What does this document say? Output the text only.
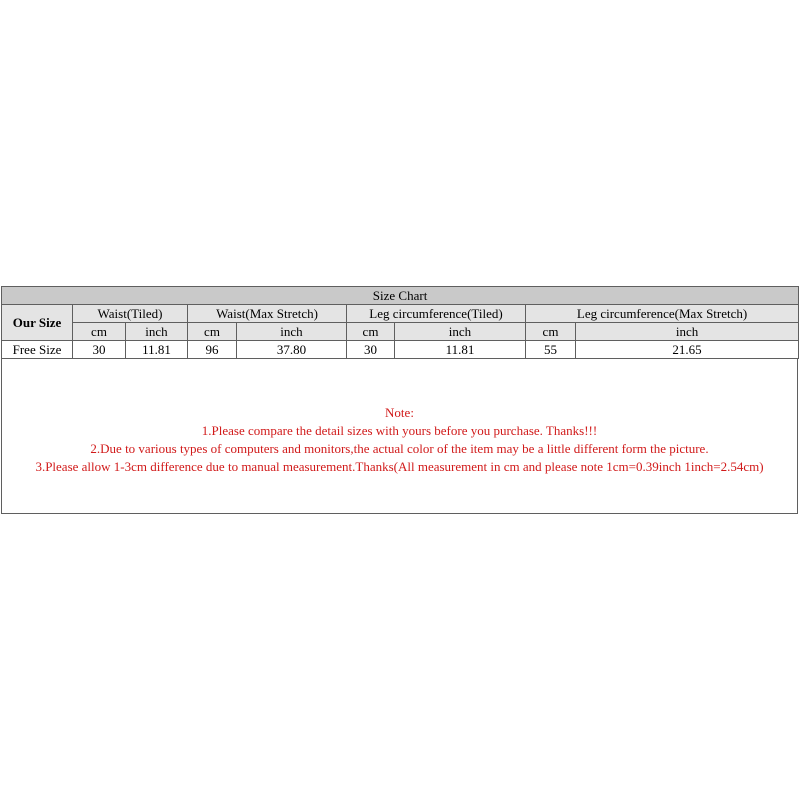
Size Chart								
Our Size	Waist(Tiled)		Waist(Max Stretch)		Leg circumference(Tiled)		Leg circumference(Max Stretch)	
	cm	inch	cm	inch	cm	inch	cm	inch
Free Size	30	11.81	96	37.80	30	11.81	55	21.65
Note:
1.Please compare the detail sizes with yours before you purchase. Thanks!!!
2.Due to various types of computers and monitors,the actual color of the item may be a little different form the picture.
3.Please allow 1-3cm difference due to manual measurement.Thanks(All measurement in cm and please note 1cm=0.39inch 1inch=2.54cm)
